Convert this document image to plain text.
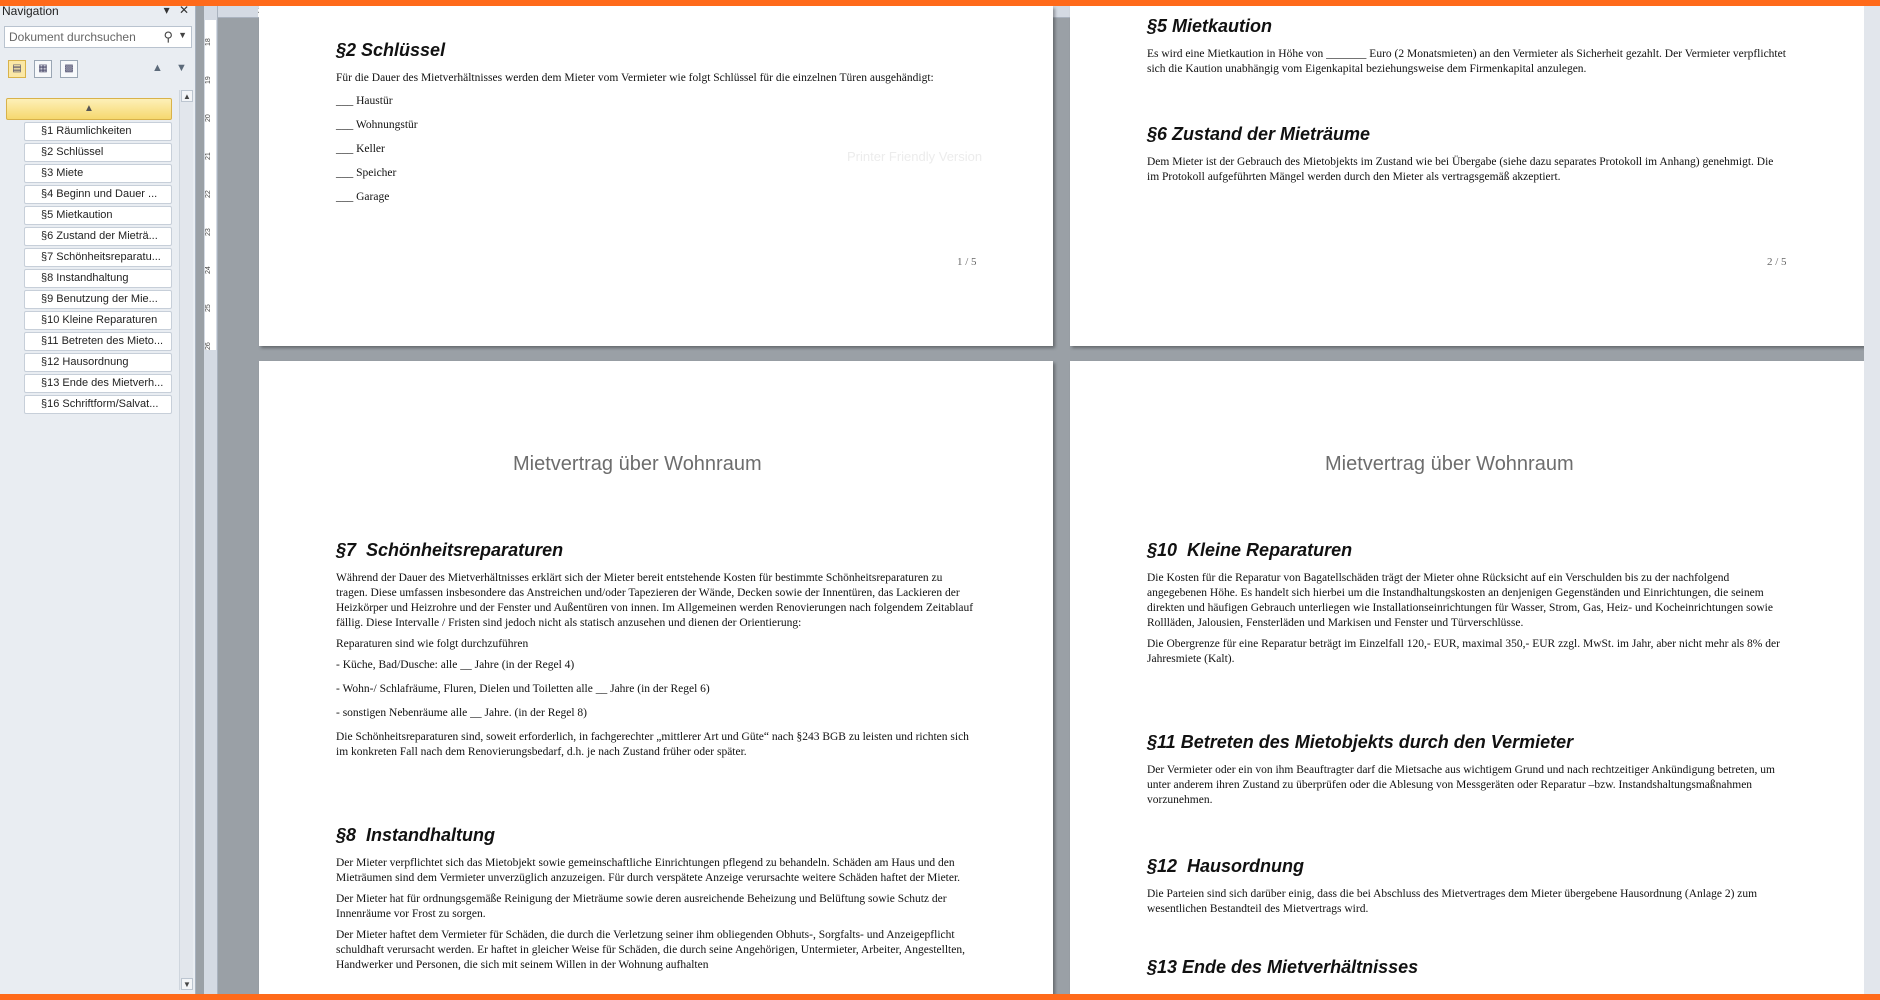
Navigation	▾ ✕
Dokument durchsuchen ⚲ ▼
▤	▦	▩	▲ ▼
▲
§1 Räumlichkeiten
§2 Schlüssel
§3 Miete
§4 Beginn und Dauer ...
§5 Mietkaution
§6 Zustand der Mieträ...
§7 Schönheitsreparatu...
§8 Instandhaltung
§9 Benutzung der Mie...
§10 Kleine Reparaturen
§11 Betreten des Mieto...
§12 Hausordnung
§13 Ende des Mietverh...
§16 Schriftform/Salvat...
▲
▼
18
19
20
21
22
23
24
25
26
§2 Schlüssel

Für die Dauer des Mietverhältnisses werden dem Mieter vom Vermieter wie folgt Schlüssel für die einzelnen Türen ausgehändigt:

___ Haustür
___ Wohnungstür
___ Keller
___ Speicher
___ Garage
Printer Friendly Version
1 / 5
§5 Mietkaution

Es wird eine Mietkaution in Höhe von _______ Euro (2 Monatsmieten) an den Vermieter als Sicherheit gezahlt. Der Vermieter verpflichtet sich die Kaution unabhängig vom Eigenkapital beziehungsweise dem Firmenkapital anzulegen.

§6 Zustand der Mieträume

Dem Mieter ist der Gebrauch des Mietobjekts im Zustand wie bei Übergabe (siehe dazu separates Protokoll im Anhang) genehmigt. Die im Protokoll aufgeführten Mängel werden durch den Mieter als vertragsgemäß akzeptiert.

2 / 5
Mietvertrag über Wohnraum
§7  Schönheitsreparaturen

Während der Dauer des Mietverhältnisses erklärt sich der Mieter bereit entstehende Kosten für bestimmte Schönheitsreparaturen zu tragen. Diese umfassen insbesondere das Anstreichen und/oder Tapezieren der Wände, Decken sowie der Innentüren, das Lackieren der Heizkörper und Heizrohre und der Fenster und Außentüren von innen. Im Allgemeinen werden Renovierungen nach folgendem Zeitablauf fällig. Diese Intervalle / Fristen sind jedoch nicht als statisch anzusehen und dienen der Orientierung:

Reparaturen sind wie folgt durchzuführen

- Küche, Bad/Dusche: alle __ Jahre (in der Regel 4)
- Wohn-/ Schlafräume, Fluren, Dielen und Toiletten alle __ Jahre (in der Regel 6)
- sonstigen Nebenräume alle __ Jahre. (in der Regel 8)

Die Schönheitsreparaturen sind, soweit erforderlich, in fachgerechter „mittlerer Art und Güte“ nach §243 BGB zu leisten und richten sich im konkreten Fall nach dem Renovierungsbedarf, d.h. je nach Zustand früher oder später.

§8  Instandhaltung

Der Mieter verpflichtet sich das Mietobjekt sowie gemeinschaftliche Einrichtungen pflegend zu behandeln. Schäden am Haus und den Mieträumen sind dem Vermieter unverzüglich anzuzeigen. Für durch verspätete Anzeige verursachte weitere Schäden haftet der Mieter.

Der Mieter hat für ordnungsgemäße Reinigung der Mieträume sowie deren ausreichende Beheizung und Belüftung sowie Schutz der Innenräume vor Frost zu sorgen.

Der Mieter haftet dem Vermieter für Schäden, die durch die Verletzung seiner ihm obliegenden Obhuts-, Sorgfalts- und Anzeigepflicht schuldhaft verursacht werden. Er haftet in gleicher Weise für Schäden, die durch seine Angehörigen, Untermieter, Arbeiter, Angestellten, Handwerker und Personen, die sich mit seinem Willen in der Wohnung aufhalten

Mietvertrag über Wohnraum
§10  Kleine Reparaturen

Die Kosten für die Reparatur von Bagatellschäden trägt der Mieter ohne Rücksicht auf ein Verschulden bis zu der nachfolgend angegebenen Höhe. Es handelt sich hierbei um die Instandhaltungskosten an denjenigen Gegenständen und Einrichtungen, die seinem direkten und häufigen Gebrauch unterliegen wie Installationseinrichtungen für Wasser, Strom, Gas, Heiz- und Kocheinrichtungen sowie Rollläden, Jalousien, Fensterläden und Markisen und Fenster und Türverschlüsse.

Die Obergrenze für eine Reparatur beträgt im Einzelfall 120,- EUR, maximal 350,- EUR zzgl. MwSt. im Jahr, aber nicht mehr als 8% der Jahresmiete (Kalt).

§11 Betreten des Mietobjekts durch den Vermieter

Der Vermieter oder ein von ihm Beauftragter darf die Mietsache aus wichtigem Grund und nach rechtzeitiger Ankündigung betreten, um unter anderem ihren Zustand zu überprüfen oder die Ablesung von Messgeräten oder Reparatur –bzw. Instandshaltungsmaßnahmen vorzunehmen.

§12  Hausordnung

Die Parteien sind sich darüber einig, dass die bei Abschluss des Mietvertrages dem Mieter übergebene Hausordnung (Anlage 2) zum wesentlichen Bestandteil des Mietvertrags wird.

§13 Ende des Mietverhältnisses
